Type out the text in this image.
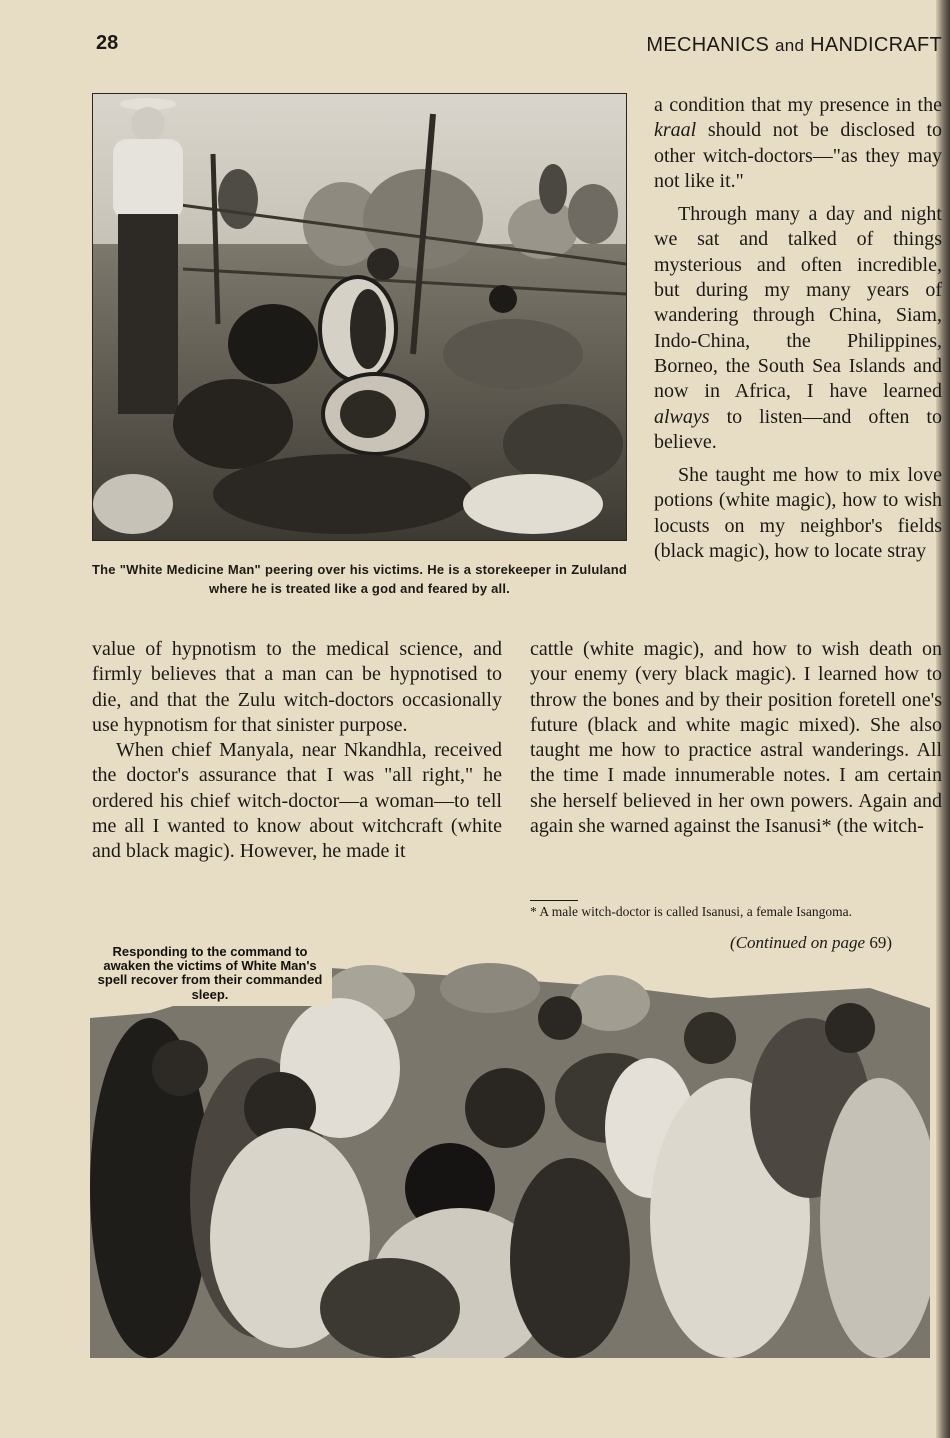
28	MECHANICS and HANDICRAFT
The "White Medicine Man" peering over his victims. He is a storekeeper in Zululand where he is treated like a god and feared by all.

a condition that my presence in the kraal should not be disclosed to other witch-doctors—"as they may not like it."

Through many a day and night we sat and talked of things mysterious and often incredible, but during my many years of wandering through China, Siam, Indo-China, the Philippines, Borneo, the South Sea Islands and now in Africa, I have learned always to listen—and often to believe.

She taught me how to mix love potions (white magic), how to wish locusts on my neighbor's fields (black magic), how to locate stray

value of hypnotism to the medical science, and firmly believes that a man can be hypnotised to die, and that the Zulu witch-doctors occasionally use hypnotism for that sinister purpose.

When chief Manyala, near Nkandhla, received the doctor's assurance that I was "all right," he ordered his chief witch-doctor—a woman—to tell me all I wanted to know about witchcraft (white and black magic). However, he made it

cattle (white magic), and how to wish death on your enemy (very black magic). I learned how to throw the bones and by their position foretell one's future (black and white magic mixed). She also taught me how to practice astral wanderings. All the time I made innumerable notes. I am certain she herself believed in her own powers. Again and again she warned against the Isanusi* (the witch-

* A male witch-doctor is called Isanusi, a female Isangoma.
(Continued on page 69)
Responding to the command to awaken the victims of White Man's spell recover from their commanded sleep.
